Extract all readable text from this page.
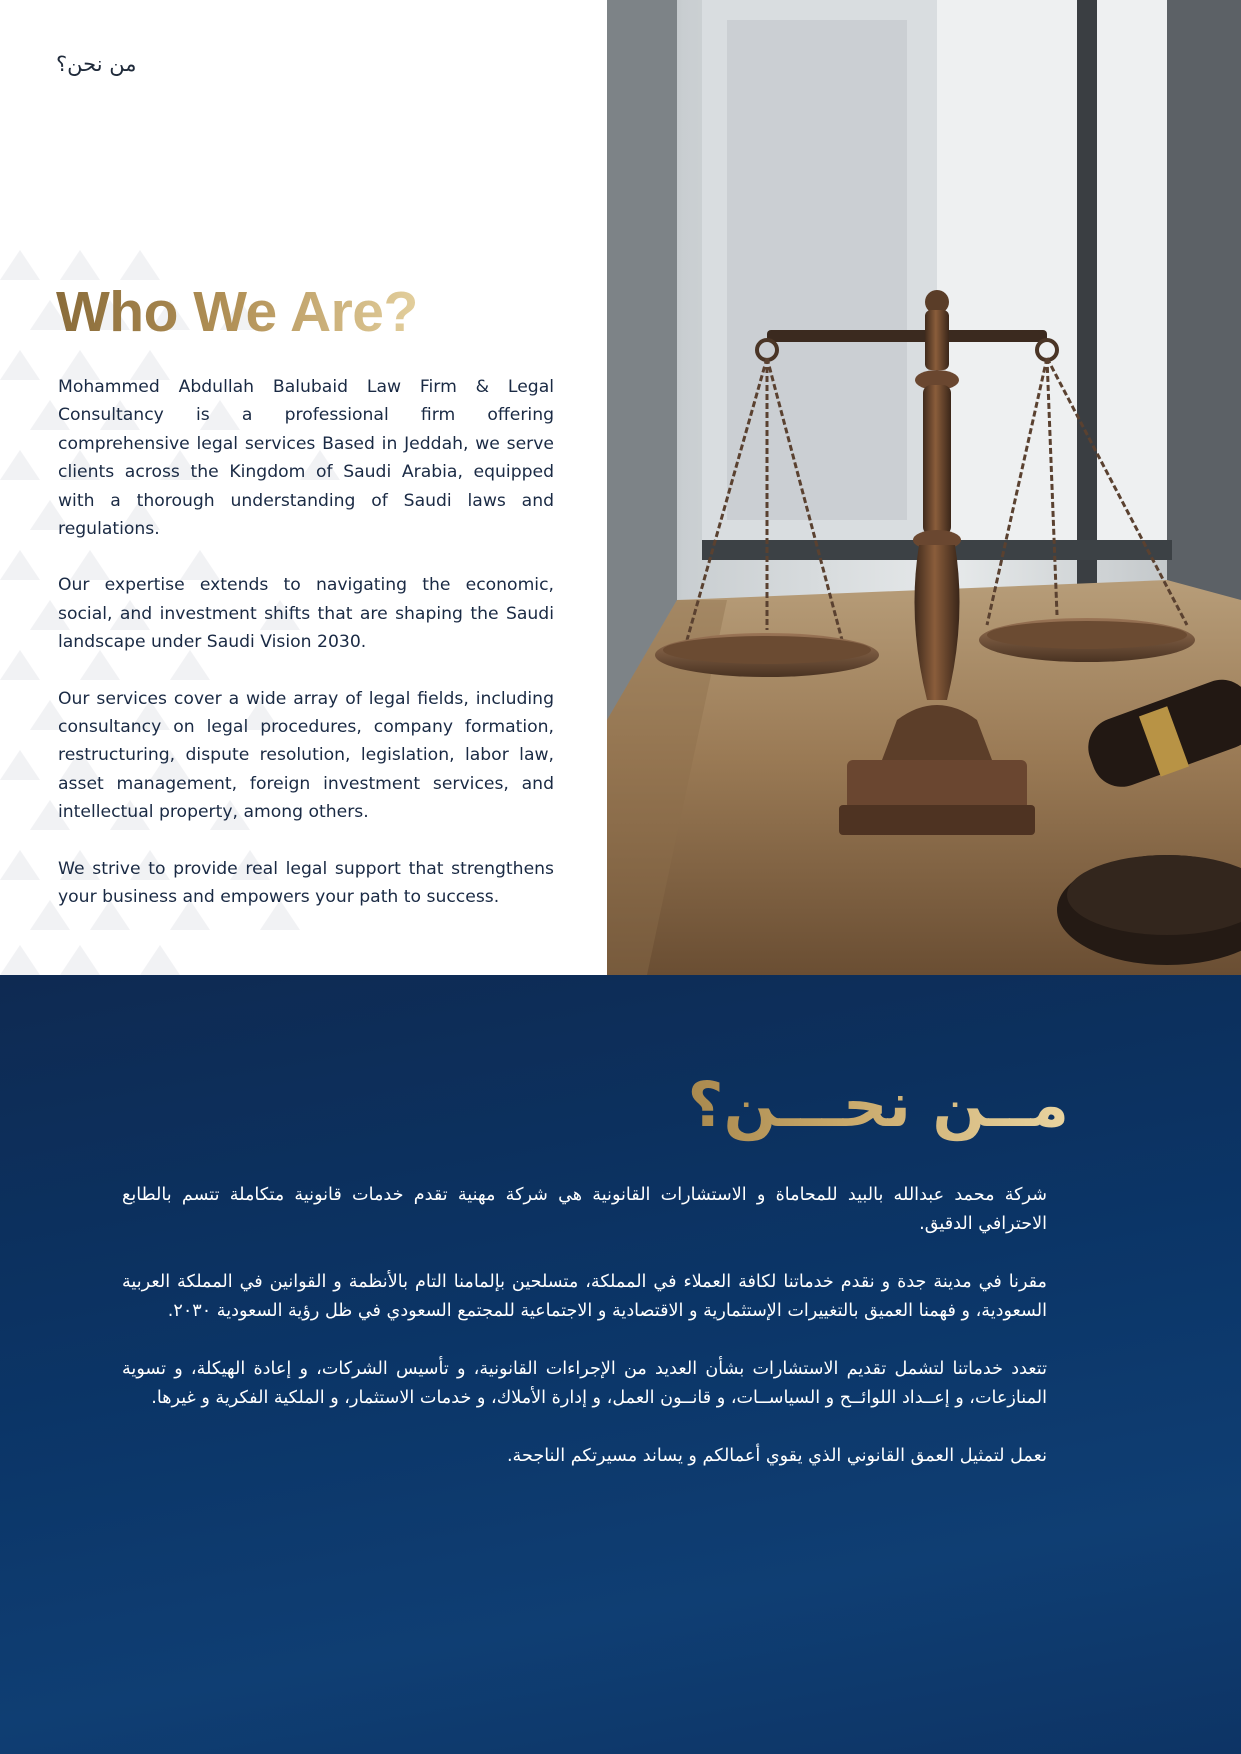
من نحن؟
Who We Are?

Mohammed Abdullah Balubaid Law Firm & Legal Consultancy is a professional firm offering comprehensive legal services Based in Jeddah, we serve clients across the Kingdom of Saudi Arabia, equipped with a thorough understanding of Saudi laws and regulations.

Our expertise extends to navigating the economic, social, and investment shifts that are shaping the Saudi landscape under Saudi Vision 2030.

Our services cover a wide array of legal fields, including consultancy on legal procedures, company formation, restructuring, dispute resolution, legislation, labor law, asset management, foreign investment services, and intellectual property, among others.

We strive to provide real legal support that strengthens your business and empowers your path to success.

مــن نحـــن؟

شركة محمد عبدالله بالبيد للمحاماة و الاستشارات القانونية هي شركة مهنية تقدم خدمات قانونية متكاملة تتسم بالطابع الاحترافي الدقيق.

مقرنا في مدينة جدة و نقدم خدماتنا لكافة العملاء في المملكة، متسلحين بإلمامنا التام بالأنظمة و القوانين في المملكة العربية السعودية، و فهمنا العميق بالتغييرات الإستثمارية و الاقتصادية و الاجتماعية للمجتمع السعودي في ظل رؤية السعودية ٢٠٣٠.

تتعدد خدماتنا لتشمل تقديم الاستشارات بشأن العديد من الإجراءات القانونية، و تأسيس الشركات، و إعادة الهيكلة، و تسوية المنازعات، و إعــداد اللوائــح و السياســات، و قانــون العمل، و إدارة الأملاك، و خدمات الاستثمار، و الملكية الفكرية و غيرها.

نعمل لتمثيل العمق القانوني الذي يقوي أعمالكم و يساند مسيرتكم الناجحة.
